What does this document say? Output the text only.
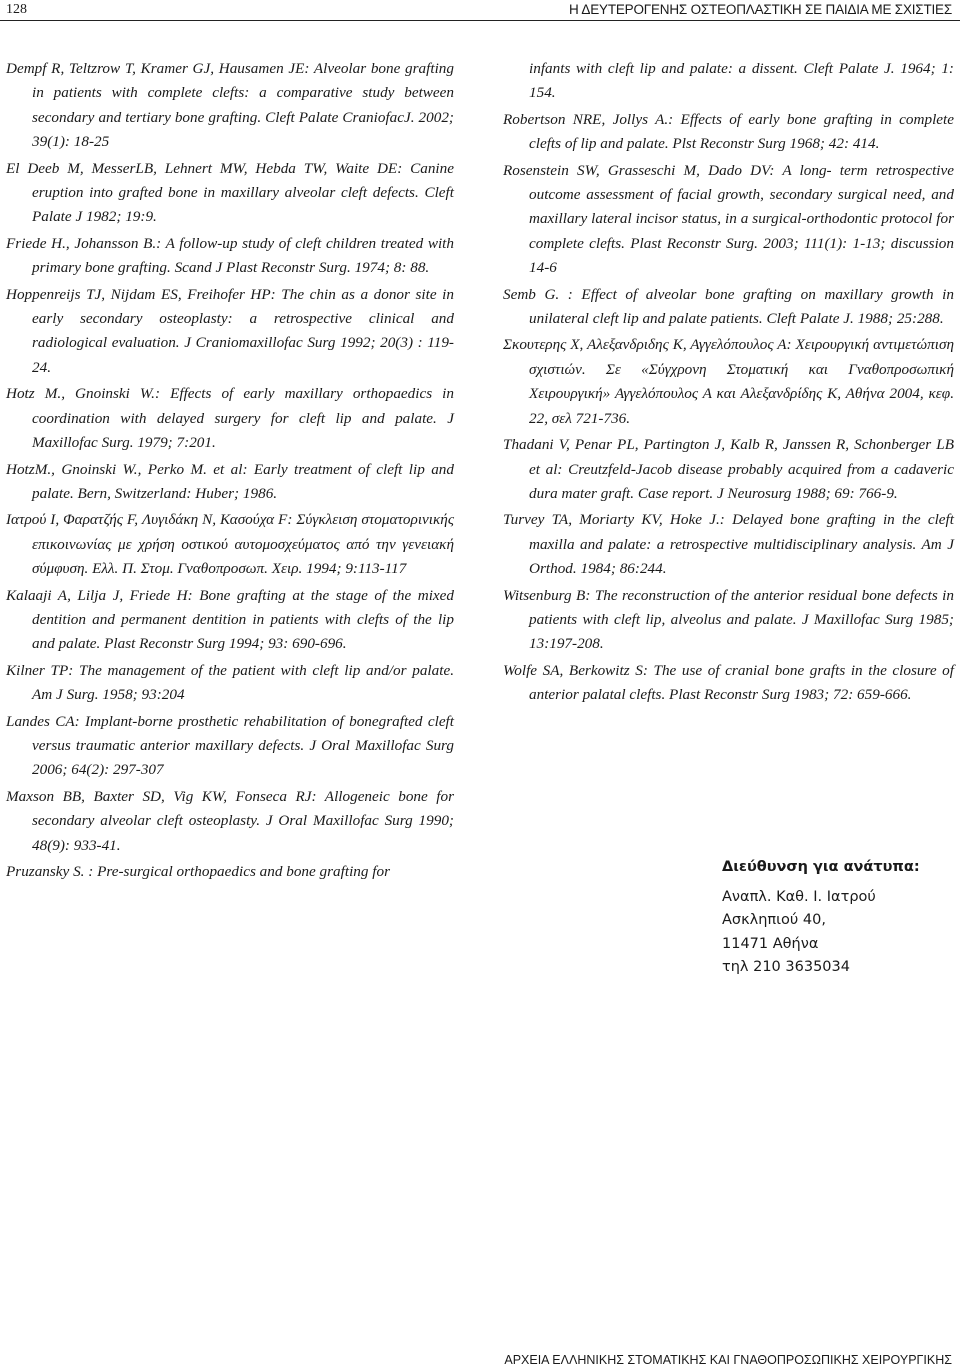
128	Η ΔΕΥΤΕΡΟΓΕΝΗΣ ΟΣΤΕΟΠΛΑΣΤΙΚΗ ΣΕ ΠΑΙΔΙΑ ΜΕ ΣΧΙΣΤΙΕΣ

Dempf R, Teltzrow T, Kramer GJ, Hausamen JE: Alveolar bone grafting in patients with complete clefts: a comparative study between secondary and tertiary bone grafting. Cleft Palate CraniofacJ. 2002; 39(1): 18-25

El Deeb M, MesserLB, Lehnert MW, Hebda TW, Waite DE: Canine eruption into grafted bone in maxillary alveolar cleft defects. Cleft Palate J 1982; 19:9.

Friede H., Johansson B.: A follow-up study of cleft children treated with primary bone grafting. Scand J Plast Reconstr Surg. 1974; 8: 88.

Hoppenreijs TJ, Nijdam ES, Freihofer HP: The chin as a donor site in early secondary osteoplasty: a retrospective clinical and radiological evaluation. J Craniomaxillofac Surg 1992; 20(3) : 119-24.

Hotz M., Gnoinski W.: Effects of early maxillary orthopaedics in coordination with delayed surgery for cleft lip and palate. J Maxillofac Surg. 1979; 7:201.

HotzM., Gnoinski W., Perko M. et al: Early treatment of cleft lip and palate. Bern, Switzerland: Huber; 1986.

Ιατρού Ι, Φαρατζής F, Λυγιδάκη Ν, Κασούχα F: Σύγκλειση στοματορινικής επικοινωνίας με χρήση οστικού αυτομοσχεύματος από την γενειακή σύμφυση. Ελλ. Π. Στομ. Γναθοπροσωπ. Χειρ. 1994; 9:113-117

Kalaaji A, Lilja J, Friede H: Bone grafting at the stage of the mixed dentition and permanent dentition in patients with clefts of the lip and palate. Plast Reconstr Surg 1994; 93: 690-696.

Kilner TP: The management of the patient with cleft lip and/or palate. Am J Surg. 1958; 93:204

Landes CA: Implant-borne prosthetic rehabilitation of bonegrafted cleft versus traumatic anterior maxillary defects. J Oral Maxillofac Surg 2006; 64(2): 297-307

Maxson BB, Baxter SD, Vig KW, Fonseca RJ: Allogeneic bone for secondary alveolar cleft osteoplasty. J Oral Maxillofac Surg 1990; 48(9): 933-41.

Pruzansky S. : Pre-surgical orthopaedics and bone grafting for

infants with cleft lip and palate: a dissent. Cleft Palate J. 1964; 1: 154.

Robertson NRE, Jollys A.: Effects of early bone grafting in complete clefts of lip and palate. Plst Reconstr Surg 1968; 42: 414.

Rosenstein SW, Grasseschi M, Dado DV: A long- term retrospective outcome assessment of facial growth, secondary surgical need, and maxillary lateral incisor status, in a surgical-orthodontic protocol for complete clefts. Plast Reconstr Surg. 2003; 111(1): 1-13; discussion 14-6

Semb G. : Effect of alveolar bone grafting on maxillary growth in unilateral cleft lip and palate patients. Cleft Palate J. 1988; 25:288.

Σκουτερης Χ, Αλεξανδριδης Κ, Αγγελόπουλος Α: Χειρουργική αντιμετώπιση σχιστιών. Σε «Σύγχρονη Στοματική και Γναθοπροσωπική Χειρουργική» Αγγελόπουλος Α και Αλεξανδρίδης Κ, Αθήνα 2004, κεφ. 22, σελ 721-736.

Thadani V, Penar PL, Partington J, Kalb R, Janssen R, Schonberger LB et al: Creutzfeld-Jacob disease probably acquired from a cadaveric dura mater graft. Case report. J Neurosurg 1988; 69: 766-9.

Turvey TA, Moriarty KV, Hoke J.: Delayed bone grafting in the cleft maxilla and palate: a retrospective multidisciplinary analysis. Am J Orthod. 1984; 86:244.

Witsenburg B: The reconstruction of the anterior residual bone defects in patients with cleft lip, alveolus and palate. J Maxillofac Surg 1985; 13:197-208.

Wolfe SA, Berkowitz S: The use of cranial bone grafts in the closure of anterior palatal clefts. Plast Reconstr Surg 1983; 72: 659-666.

Διεύθυνση για ανάτυπα:
Αναπλ. Καθ. Ι. Ιατρού
Ασκληπιού 40,
11471 Αθήνα
τηλ 210 3635034
ΑΡΧΕΙΑ ΕΛΛΗΝΙΚΗΣ ΣΤΟΜΑΤΙΚΗΣ ΚΑΙ ΓΝΑΘΟΠΡΟΣΩΠΙΚΗΣ ΧΕΙΡΟΥΡΓΙΚΗΣ
